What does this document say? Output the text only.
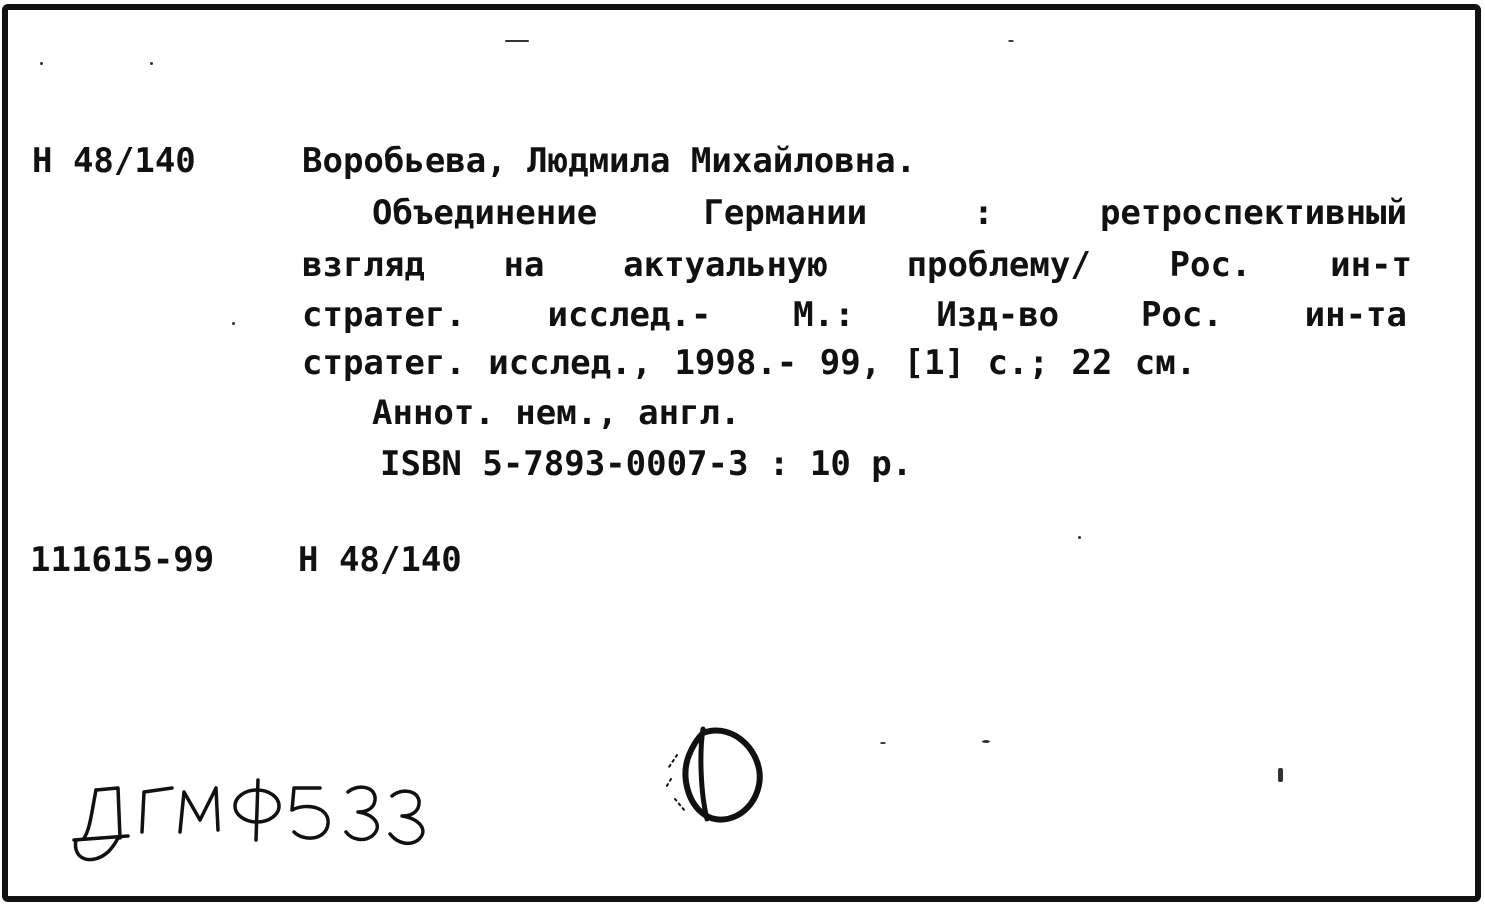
Н 48/140	Воробьева, Людмила Михайловна.
Объединение Германии : ретроспективный
взгляд на актуальную проблему/ Рос. ин-т
стратег. исслед.- М.: Изд-во Рос. ин-та
стратег. исслед., 1998.- 99, [1] с.; 22 см.
Аннот. нем., англ.
ISBN 5-7893-0007-3 : 10 р.
111615-99 Н 48/140
